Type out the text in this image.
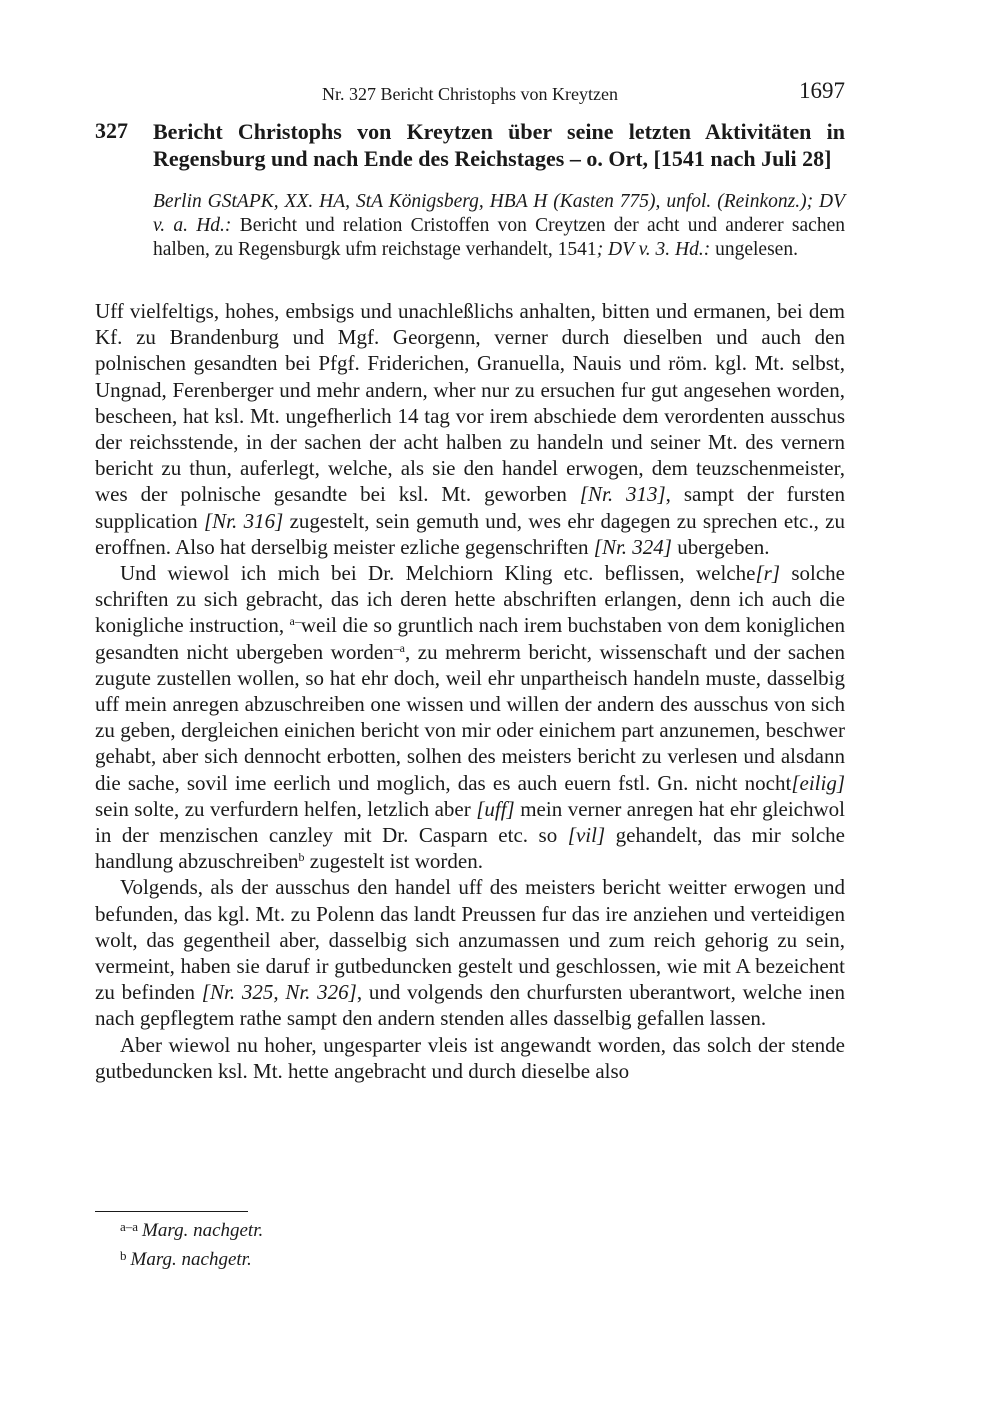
Nr. 327 Bericht Christophs von Kreytzen	1697
327 Bericht Christophs von Kreytzen über seine letzten Aktivitäten in Regensburg und nach Ende des Reichstages – o. Ort, [1541 nach Juli 28]
Berlin GStAPK, XX. HA, StA Königsberg, HBA H (Kasten 775), unfol. (Reinkonz.); DV v. a. Hd.: Bericht und relation Cristoffen von Creytzen der acht und anderer sachen halben, zu Regensburgk ufm reichstage verhandelt, 1541; DV v. 3. Hd.: ungelesen.

Uff vielfeltigs, hohes, embsigs und unachleßlichs anhalten, bitten und ermanen, bei dem Kf. zu Brandenburg und Mgf. Georgenn, verner durch dieselben und auch den polnischen gesandten bei Pfgf. Friderichen, Granuella, Nauis und röm. kgl. Mt. selbst, Ungnad, Ferenberger und mehr andern, wher nur zu ersuchen fur gut angesehen worden, bescheen, hat ksl. Mt. ungefherlich 14 tag vor irem abschiede dem verordenten ausschus der reichsstende, in der sachen der acht halben zu handeln und seiner Mt. des vernern bericht zu thun, auferlegt, welche, als sie den handel erwogen, dem teuzschenmeister, wes der polnische gesandte bei ksl. Mt. geworben [Nr. 313], sampt der fursten supplication [Nr. 316] zugestelt, sein gemuth und, wes ehr dagegen zu sprechen etc., zu eroffnen. Also hat derselbig meister ezliche gegenschriften [Nr. 324] ubergeben.

Und wiewol ich mich bei Dr. Melchiorn Kling etc. beflissen, welche[r] solche schriften zu sich gebracht, das ich deren hette abschriften erlangen, denn ich auch die konigliche instruction, $^{a-}$weil die so gruntlich nach irem buchstaben von dem koniglichen gesandten nicht ubergeben worden$^{-a}$, zu mehrerm bericht, wissenschaft und der sachen zugute zustellen wollen, so hat ehr doch, weil ehr unpartheisch handeln muste, dasselbig uff mein anregen abzuschreiben one wissen und willen der andern des ausschus von sich zu geben, dergleichen einichen bericht von mir oder einichem part anzunemen, beschwer gehabt, aber sich dennocht erbotten, solhen des meisters bericht zu verlesen und alsdann die sache, sovil ime eerlich und moglich, das es auch euern fstl. Gn. nicht nocht[eilig] sein solte, zu verfurdern helfen, letzlich aber [uff] mein verner anregen hat ehr gleichwol in der menzischen canzley mit Dr. Casparn etc. so [vil] gehandelt, das mir solche handlung abzuschreiben$^b$ zugestelt ist worden.

Volgends, als der ausschus den handel uff des meisters bericht weitter erwogen und befunden, das kgl. Mt. zu Polenn das landt Preussen fur das ire anziehen und verteidigen wolt, das gegentheil aber, dasselbig sich anzumassen und zum reich gehorig zu sein, vermeint, haben sie daruf ir gutbeduncken gestelt und geschlossen, wie mit A bezeichent zu befinden [Nr. 325, Nr. 326], und volgends den churfursten uberantwort, welche inen nach gepflegtem rathe sampt den andern stenden alles dasselbig gefallen lassen.

Aber wiewol nu hoher, ungesparter vleis ist angewandt worden, das solch der stende gutbeduncken ksl. Mt. hette angebracht und durch dieselbe also

$^{a-a}$ Marg. nachgetr.
$^b$ Marg. nachgetr.
